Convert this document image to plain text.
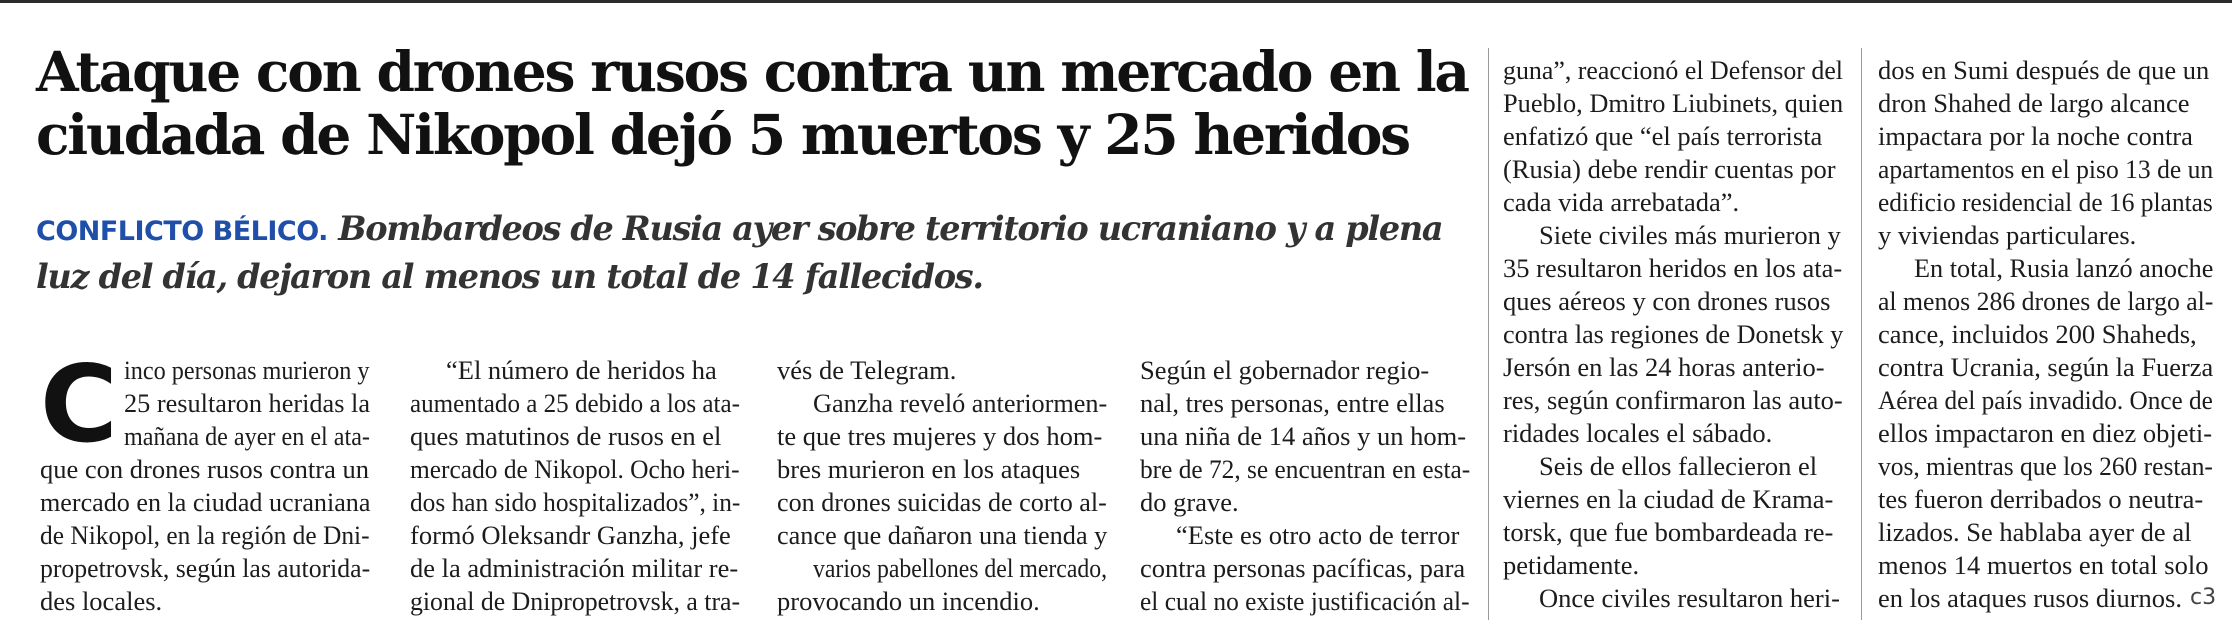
Ataque con drones rusos contra un mercado en la ciudada de Nikopol dejó 5 muertos y 25 heridos

CONFLICTO BÉLICO. Bombardeos de Rusia ayer sobre territorio ucraniano y a plena luz del día, dejaron al menos un total de 14 fallecidos.

C inco personas murieron y
25 resultaron heridas la
mañana de ayer en el ata-
que con drones rusos contra un
mercado en la ciudad ucraniana
de Nikopol, en la región de Dni-
propetrovsk, según las autorida-
des locales.
“El número de heridos ha
aumentado a 25 debido a los ata-
ques matutinos de rusos en el
mercado de Nikopol. Ocho heri-
dos han sido hospitalizados”, in-
formó Oleksandr Ganzha, jefe
de la administración militar re-
gional de Dnipropetrovsk, a tra-
vés de Telegram.
Ganzha reveló anteriormen-
te que tres mujeres y dos hom-
bres murieron en los ataques
con drones suicidas de corto al-
cance que dañaron una tienda y
varios pabellones del mercado,
provocando un incendio.
Según el gobernador regio-
nal, tres personas, entre ellas
una niña de 14 años y un hom-
bre de 72, se encuentran en esta-
do grave.
“Este es otro acto de terror
contra personas pacíficas, para
el cual no existe justificación al-
guna”, reaccionó el Defensor del
Pueblo, Dmitro Liubinets, quien
enfatizó que “el país terrorista
(Rusia) debe rendir cuentas por
cada vida arrebatada”.
Siete civiles más murieron y
35 resultaron heridos en los ata-
ques aéreos y con drones rusos
contra las regiones de Donetsk y
Jersón en las 24 horas anterio-
res, según confirmaron las auto-
ridades locales el sábado.
Seis de ellos fallecieron el
viernes en la ciudad de Krama-
torsk, que fue bombardeada re-
petidamente.
Once civiles resultaron heri-
dos en Sumi después de que un
dron Shahed de largo alcance
impactara por la noche contra
apartamentos en el piso 13 de un
edificio residencial de 16 plantas
y viviendas particulares.
En total, Rusia lanzó anoche
al menos 286 drones de largo al-
cance, incluidos 200 Shaheds,
contra Ucrania, según la Fuerza
Aérea del país invadido. Once de
ellos impactaron en diez objeti-
vos, mientras que los 260 restan-
tes fueron derribados o neutra-
lizados. Se hablaba ayer de al
menos 14 muertos en total solo
en los ataques rusos diurnos. ᴄ3
